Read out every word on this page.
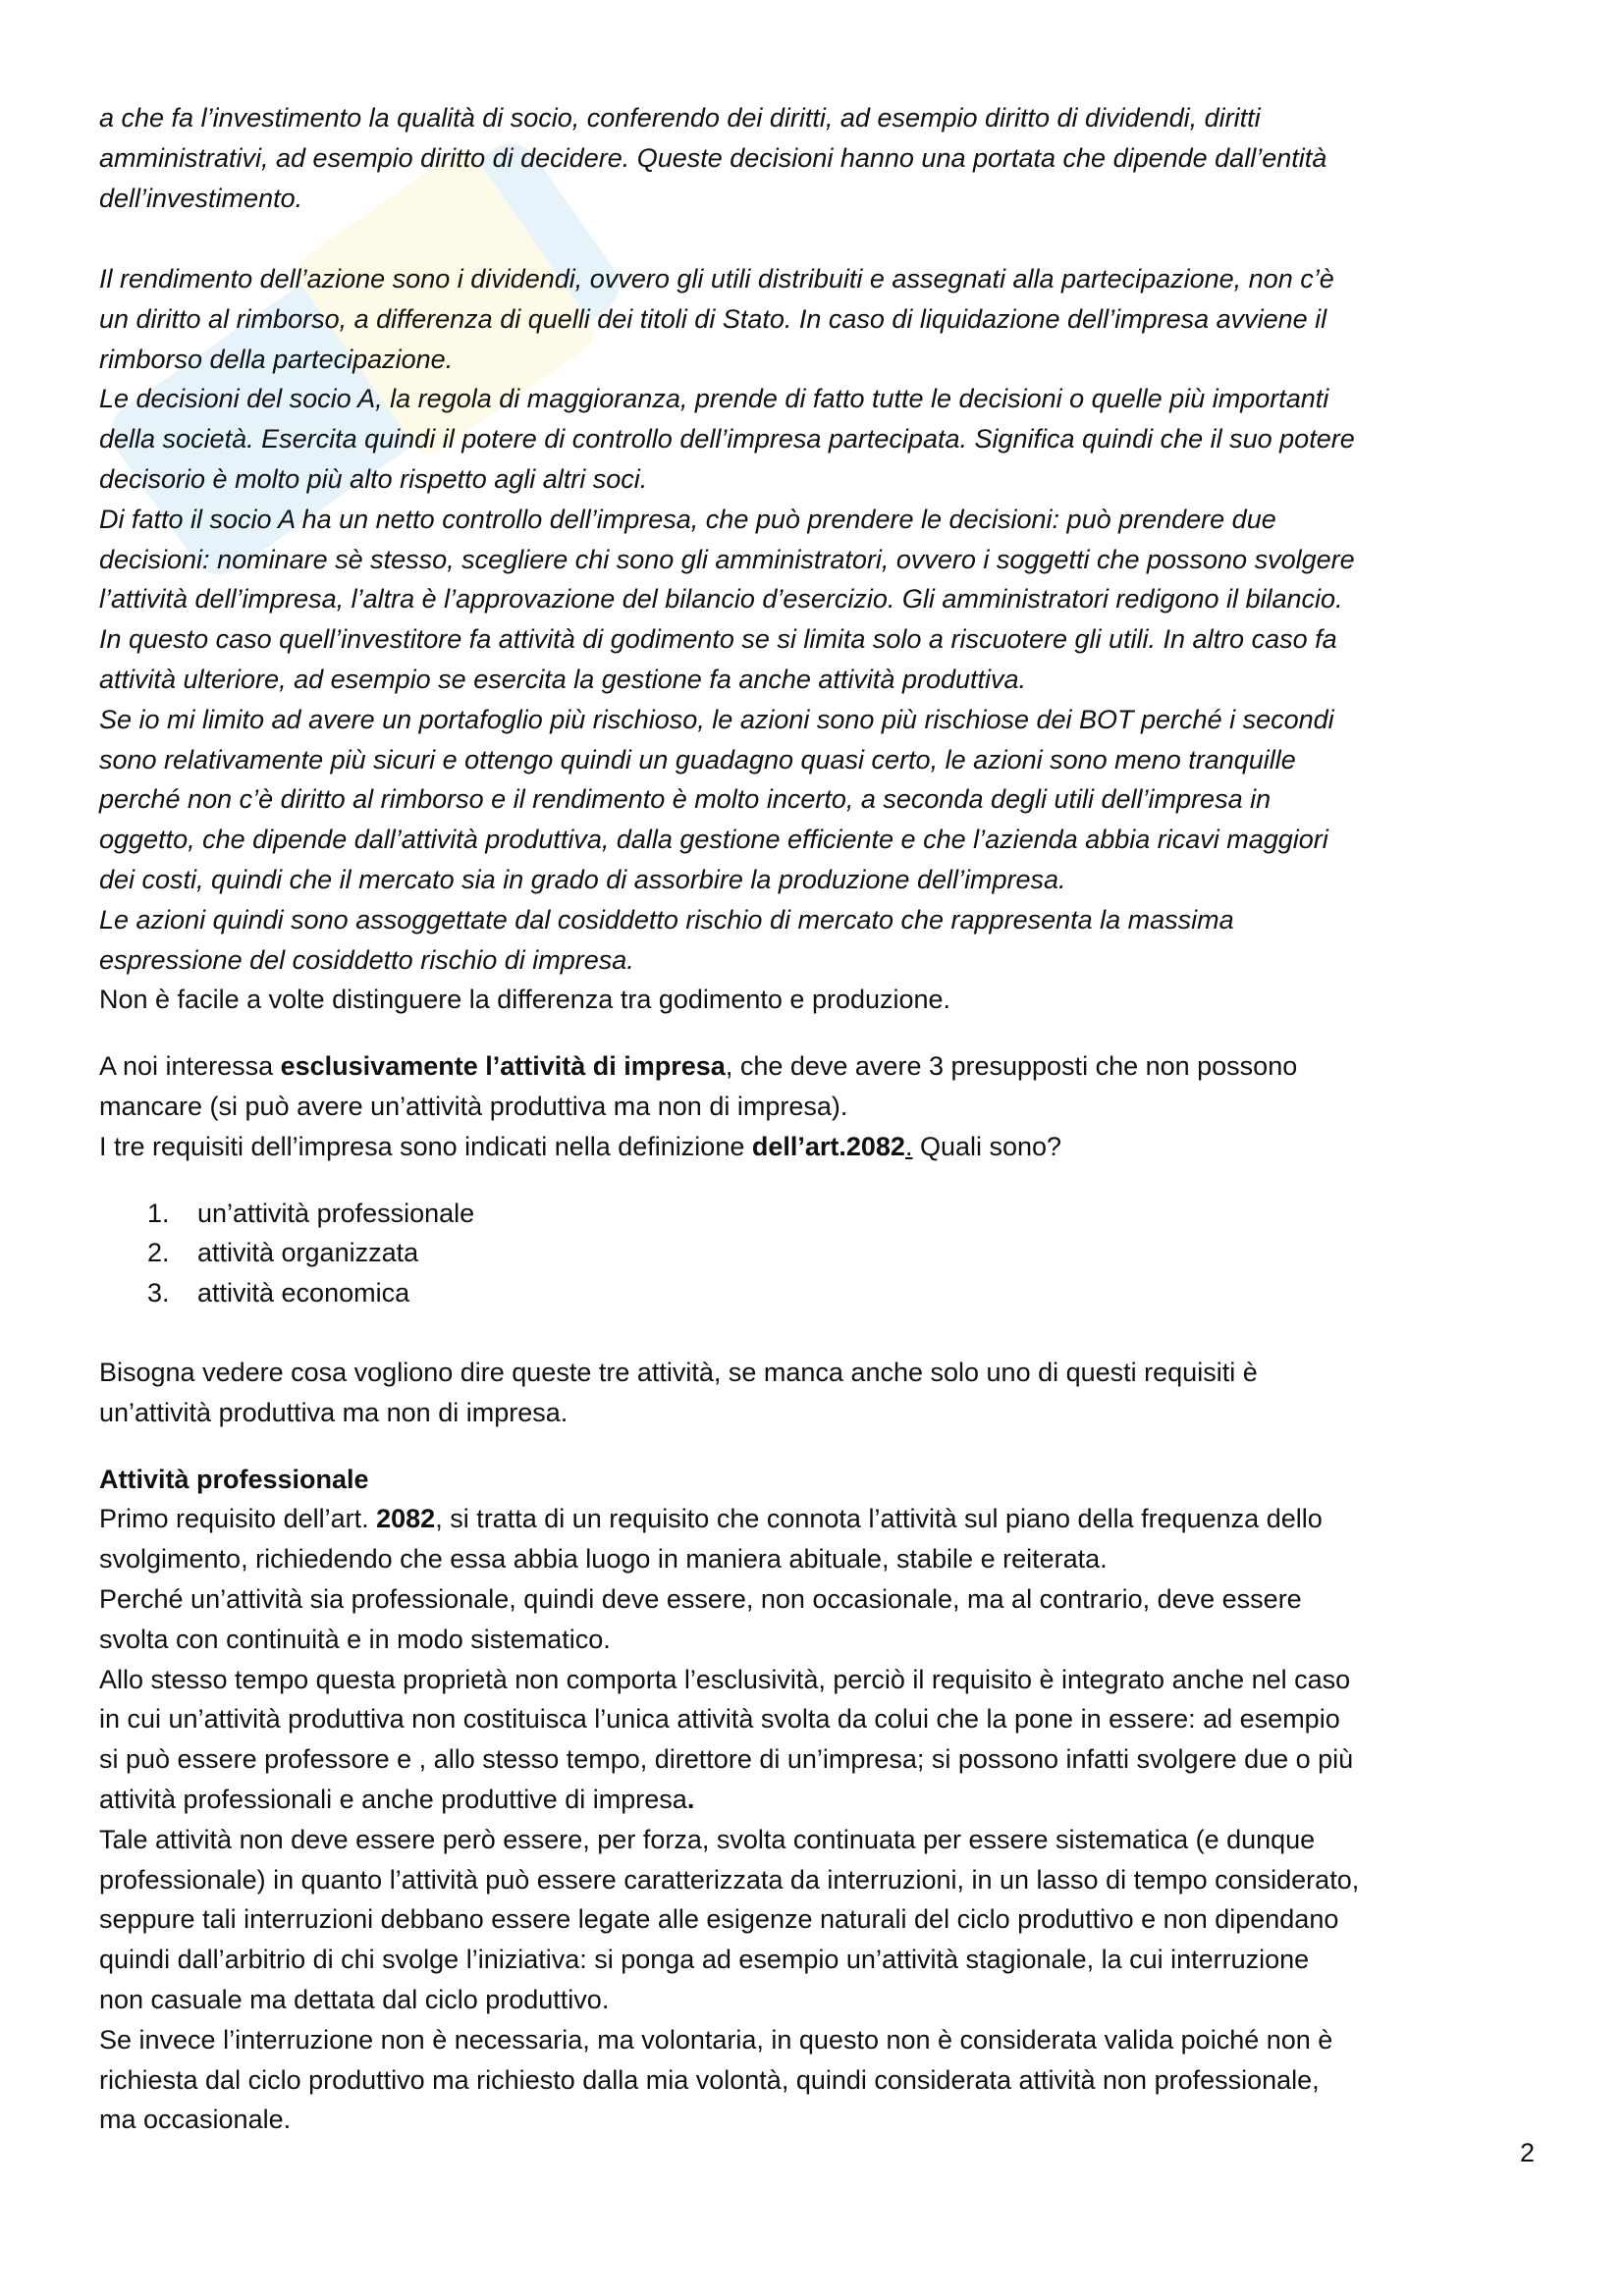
a che fa l’investimento la qualità di socio, conferendo dei diritti, ad esempio diritto di dividendi, diritti
amministrativi, ad esempio diritto di decidere. Queste decisioni hanno una portata che dipende dall’entità
dell’investimento.
Il rendimento dell’azione sono i dividendi, ovvero gli utili distribuiti e assegnati alla partecipazione, non c’è
un diritto al rimborso, a differenza di quelli dei titoli di Stato. In caso di liquidazione dell’impresa avviene il
rimborso della partecipazione.
Le decisioni del socio A, la regola di maggioranza, prende di fatto tutte le decisioni o quelle più importanti
della società. Esercita quindi il potere di controllo dell’impresa partecipata. Significa quindi che il suo potere
decisorio è molto più alto rispetto agli altri soci.
Di fatto il socio A ha un netto controllo dell’impresa, che può prendere le decisioni: può prendere due
decisioni: nominare sè stesso, scegliere chi sono gli amministratori, ovvero i soggetti che possono svolgere
l’attività dell’impresa, l’altra è l’approvazione del bilancio d’esercizio. Gli amministratori redigono il bilancio.
In questo caso quell’investitore fa attività di godimento se si limita solo a riscuotere gli utili. In altro caso fa
attività ulteriore, ad esempio se esercita la gestione fa anche attività produttiva.
Se io mi limito ad avere un portafoglio più rischioso, le azioni sono più rischiose dei BOT perché i secondi
sono relativamente più sicuri e ottengo quindi un guadagno quasi certo, le azioni sono meno tranquille
perché non c’è diritto al rimborso e il rendimento è molto incerto, a seconda degli utili dell’impresa in
oggetto, che dipende dall’attività produttiva, dalla gestione efficiente e che l’azienda abbia ricavi maggiori
dei costi, quindi che il mercato sia in grado di assorbire la produzione dell’impresa.
Le azioni quindi sono assoggettate dal cosiddetto rischio di mercato che rappresenta la massima
espressione del cosiddetto rischio di impresa.
Non è facile a volte distinguere la differenza tra godimento e produzione.
A noi interessa esclusivamente l’attività di impresa, che deve avere 3 presupposti che non possono
mancare (si può avere un’attività produttiva ma non di impresa).
I tre requisiti dell’impresa sono indicati nella definizione dell’art.2082. Quali sono?
1. un’attività professionale
2. attività organizzata
3. attività economica
Bisogna vedere cosa vogliono dire queste tre attività, se manca anche solo uno di questi requisiti è
un’attività produttiva ma non di impresa.
Attività professionale
Primo requisito dell’art. 2082, si tratta di un requisito che connota l’attività sul piano della frequenza dello
svolgimento, richiedendo che essa abbia luogo in maniera abituale, stabile e reiterata.
Perché un’attività sia professionale, quindi deve essere, non occasionale, ma al contrario, deve essere
svolta con continuità e in modo sistematico.
Allo stesso tempo questa proprietà non comporta l’esclusività, perciò il requisito è integrato anche nel caso
in cui un’attività produttiva non costituisca l’unica attività svolta da colui che la pone in essere: ad esempio
si può essere professore e , allo stesso tempo, direttore di un’impresa; si possono infatti svolgere due o più
attività professionali e anche produttive di impresa.
Tale attività non deve essere però essere, per forza, svolta continuata per essere sistematica (e dunque
professionale) in quanto l’attività può essere caratterizzata da interruzioni, in un lasso di tempo considerato,
seppure tali interruzioni debbano essere legate alle esigenze naturali del ciclo produttivo e non dipendano
quindi dall’arbitrio di chi svolge l’iniziativa: si ponga ad esempio un’attività stagionale, la cui interruzione
non casuale ma dettata dal ciclo produttivo.
Se invece l’interruzione non è necessaria, ma volontaria, in questo non è considerata valida poiché non è
richiesta dal ciclo produttivo ma richiesto dalla mia volontà, quindi considerata attività non professionale,
ma occasionale.
2
